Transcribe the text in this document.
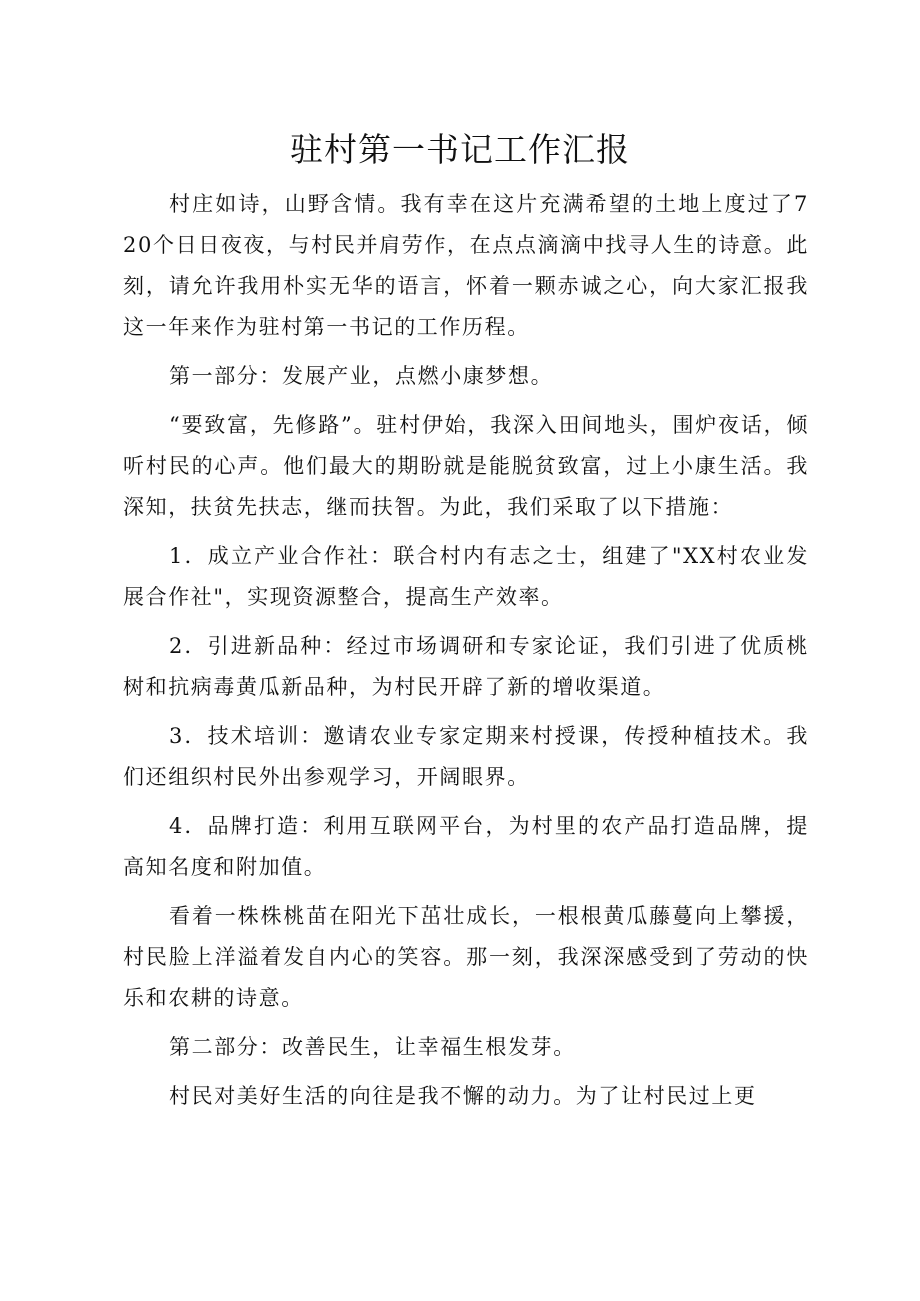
驻村第一书记工作汇报

村庄如诗，山野含情。我有幸在这片充满希望的土地上度过了720个日日夜夜，与村民并肩劳作，在点点滴滴中找寻人生的诗意。此刻，请允许我用朴实无华的语言，怀着一颗赤诚之心，向大家汇报我这一年来作为驻村第一书记的工作历程。

第一部分：发展产业，点燃小康梦想。

“要致富，先修路”。驻村伊始，我深入田间地头，围炉夜话，倾听村民的心声。他们最大的期盼就是能脱贫致富，过上小康生活。我深知，扶贫先扶志，继而扶智。为此，我们采取了以下措施：

1．成立产业合作社：联合村内有志之士，组建了"XX村农业发展合作社"，实现资源整合，提高生产效率。

2．引进新品种：经过市场调研和专家论证，我们引进了优质桃树和抗病毒黄瓜新品种，为村民开辟了新的增收渠道。

3．技术培训：邀请农业专家定期来村授课，传授种植技术。我们还组织村民外出参观学习，开阔眼界。

4．品牌打造：利用互联网平台，为村里的农产品打造品牌，提高知名度和附加值。

看着一株株桃苗在阳光下茁壮成长，一根根黄瓜藤蔓向上攀援，村民脸上洋溢着发自内心的笑容。那一刻，我深深感受到了劳动的快乐和农耕的诗意。

第二部分：改善民生，让幸福生根发芽。

村民对美好生活的向往是我不懈的动力。为了让村民过上更
